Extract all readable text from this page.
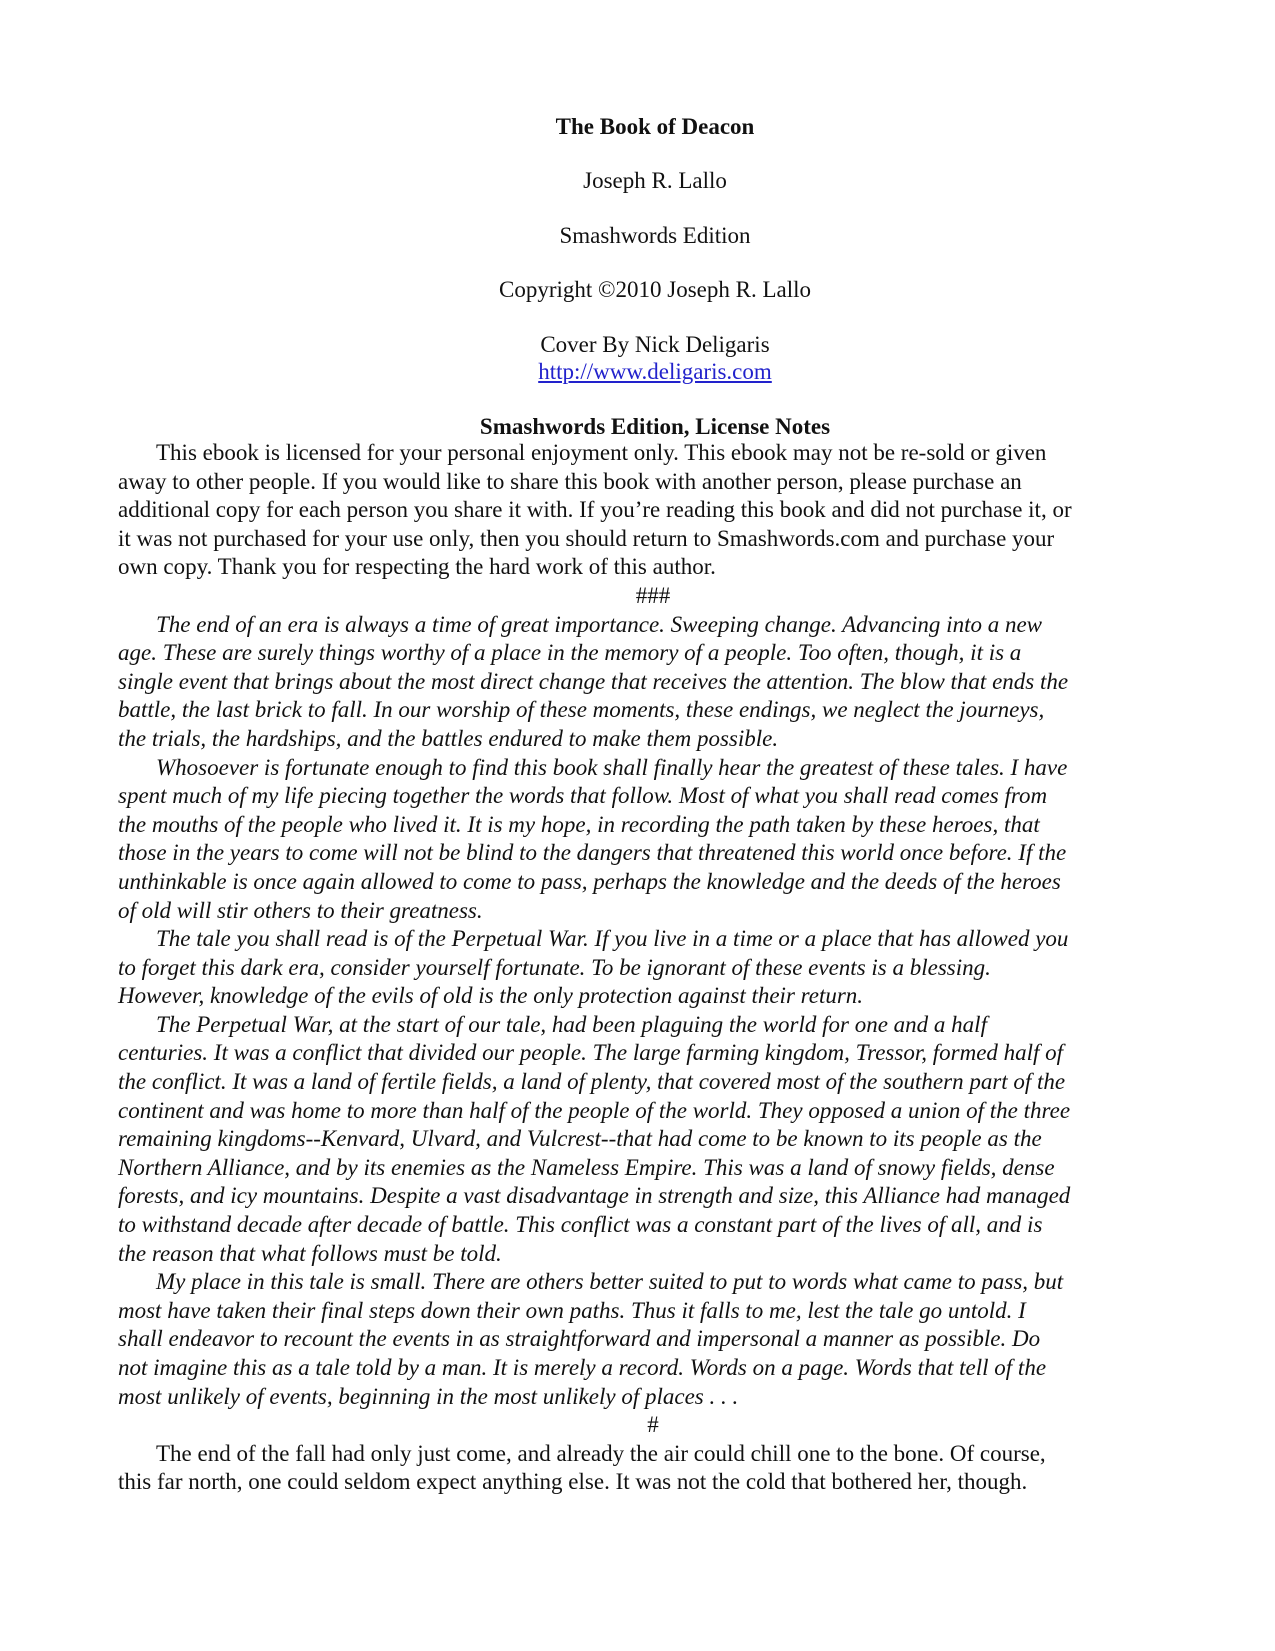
The Book of Deacon
Joseph R. Lallo
Smashwords Edition
Copyright ©2010 Joseph R. Lallo
Cover By Nick Deligaris
http://www.deligaris.com
Smashwords Edition, License Notes
This ebook is licensed for your personal enjoyment only. This ebook may not be re-sold or given
away to other people. If you would like to share this book with another person, please purchase an
additional copy for each person you share it with. If you’re reading this book and did not purchase it, or
it was not purchased for your use only, then you should return to Smashwords.com and purchase your
own copy. Thank you for respecting the hard work of this author.
###
The end of an era is always a time of great importance. Sweeping change. Advancing into a new
age. These are surely things worthy of a place in the memory of a people. Too often, though, it is a
single event that brings about the most direct change that receives the attention. The blow that ends the
battle, the last brick to fall. In our worship of these moments, these endings, we neglect the journeys,
the trials, the hardships, and the battles endured to make them possible.
Whosoever is fortunate enough to find this book shall finally hear the greatest of these tales. I have
spent much of my life piecing together the words that follow. Most of what you shall read comes from
the mouths of the people who lived it. It is my hope, in recording the path taken by these heroes, that
those in the years to come will not be blind to the dangers that threatened this world once before. If the
unthinkable is once again allowed to come to pass, perhaps the knowledge and the deeds of the heroes
of old will stir others to their greatness.
The tale you shall read is of the Perpetual War. If you live in a time or a place that has allowed you
to forget this dark era, consider yourself fortunate. To be ignorant of these events is a blessing.
However, knowledge of the evils of old is the only protection against their return.
The Perpetual War, at the start of our tale, had been plaguing the world for one and a half
centuries. It was a conflict that divided our people. The large farming kingdom, Tressor, formed half of
the conflict. It was a land of fertile fields, a land of plenty, that covered most of the southern part of the
continent and was home to more than half of the people of the world. They opposed a union of the three
remaining kingdoms--Kenvard, Ulvard, and Vulcrest--that had come to be known to its people as the
Northern Alliance, and by its enemies as the Nameless Empire. This was a land of snowy fields, dense
forests, and icy mountains. Despite a vast disadvantage in strength and size, this Alliance had managed
to withstand decade after decade of battle. This conflict was a constant part of the lives of all, and is
the reason that what follows must be told.
My place in this tale is small. There are others better suited to put to words what came to pass, but
most have taken their final steps down their own paths. Thus it falls to me, lest the tale go untold. I
shall endeavor to recount the events in as straightforward and impersonal a manner as possible. Do
not imagine this as a tale told by a man. It is merely a record. Words on a page. Words that tell of the
most unlikely of events, beginning in the most unlikely of places . . .
#
The end of the fall had only just come, and already the air could chill one to the bone. Of course,
this far north, one could seldom expect anything else. It was not the cold that bothered her, though.
